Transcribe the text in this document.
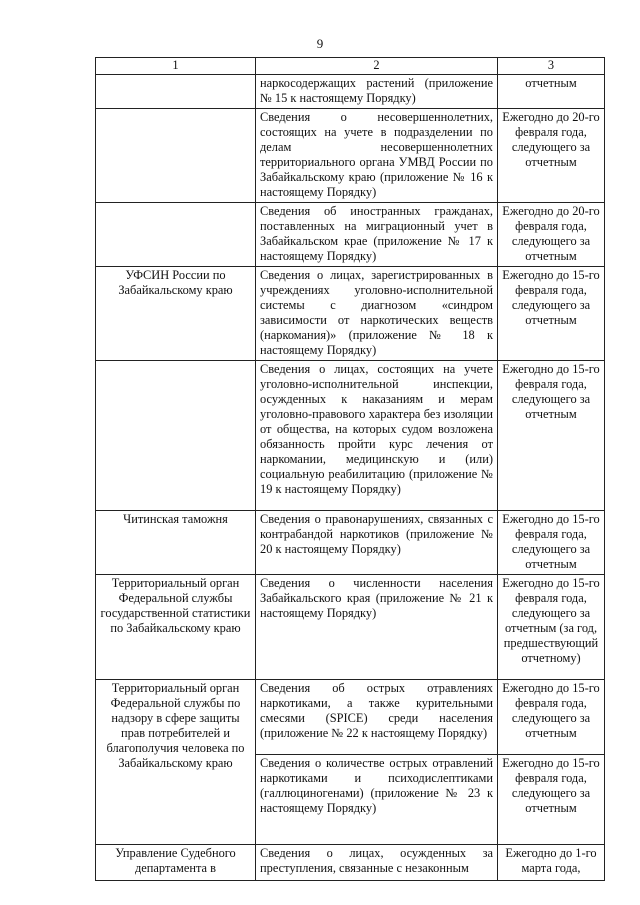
9
1	2	3
	наркосодержащих растений (приложение № 15 к настоящему Порядку)	отчетным
	Сведения о несовершеннолетних, состоящих на учете в подразделении по делам несовершеннолетних территориального органа УМВД России по Забайкальскому краю (приложение № 16 к настоящему Порядку)	Ежегодно до 20-го февраля года, следующего за отчетным
	Сведения об иностранных гражданах, поставленных на миграционный учет в Забайкальском крае (приложение № 17 к настоящему Порядку)	Ежегодно до 20-го февраля года, следующего за отчетным
УФСИН России по Забайкальскому краю	Сведения о лицах, зарегистрированных в учреждениях уголовно-исполнительной системы с диагнозом «синдром зависимости от наркотических веществ (наркомания)» (приложение № 18 к настоящему Порядку)	Ежегодно до 15-го февраля года, следующего за отчетным
	Сведения о лицах, состоящих на учете уголовно-исполнительной инспекции, осужденных к наказаниям и мерам уголовно-правового характера без изоляции от общества, на которых судом возложена обязанность пройти курс лечения от наркомании, медицинскую и (или) социальную реабилитацию (приложение № 19 к настоящему Порядку)	Ежегодно до 15-го февраля года, следующего за отчетным
Читинская таможня	Сведения о правонарушениях, связанных с контрабандой наркотиков (приложение № 20 к настоящему Порядку)	Ежегодно до 15-го февраля года, следующего за отчетным
Территориальный орган Федеральной службы государственной статистики по Забайкальскому краю	Сведения о численности населения Забайкальского края (приложение № 21 к настоящему Порядку)	Ежегодно до 15-го февраля года, следующего за отчетным (за год, предшествующий отчетному)
Территориальный орган Федеральной службы по надзору в сфере защиты прав потребителей и благополучия человека по Забайкальскому краю	Сведения об острых отравлениях наркотиками, а также курительными смесями (SPICE) среди населения (приложение № 22 к настоящему Порядку)	Ежегодно до 15-го февраля года, следующего за отчетным
	Сведения о количестве острых отравлений наркотиками и психодислептиками (галлюциногенами) (приложение № 23 к настоящему Порядку)	Ежегодно до 15-го февраля года, следующего за отчетным
Управление Судебного департамента в	Сведения о лицах, осужденных за преступления, связанные с незаконным	Ежегодно до 1-го марта года,
